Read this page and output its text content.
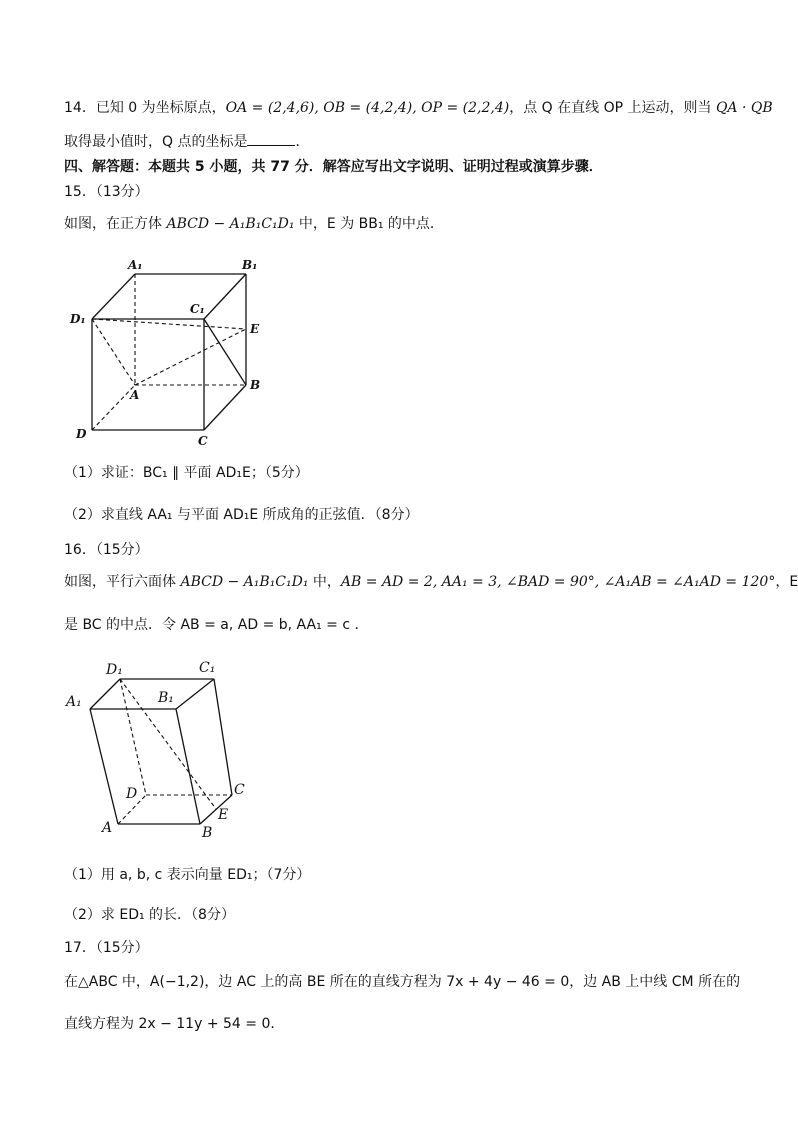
14．已知 0 为坐标原点，OA = (2,4,6), OB = (4,2,4), OP = (2,2,4)，点 Q 在直线 OP 上运动，则当 QA · QB
取得最小值时，Q 点的坐标是	．
四、解答题：本题共 5 小题，共 77 分．解答应写出文字说明、证明过程或演算步骤．
15．（13分）
如图，在正方体 ABCD − A₁B₁C₁D₁ 中，E 为 BB₁ 的中点．
A₁	B₁
C₁
D₁
E
A
B
C
D
（1）求证：BC₁ ∥ 平面 AD₁E；（5分）
（2）求直线 AA₁ 与平面 AD₁E 所成角的正弦值．（8分）
16．（15分）
如图，平行六面体 ABCD − A₁B₁C₁D₁ 中，AB = AD = 2, AA₁ = 3, ∠BAD = 90°, ∠A₁AB = ∠A₁AD = 120°，E
是 BC 的中点．令 AB = a, AD = b, AA₁ = c ．
D₁	C₁
A₁	B₁
D	C
E
A	B
（1）用 a, b, c 表示向量 ED₁；（7分）
（2）求 ED₁ 的长．（8分）
17．（15分）
在△ABC 中，A(−1,2)，边 AC 上的高 BE 所在的直线方程为 7x + 4y − 46 = 0，边 AB 上中线 CM 所在的
直线方程为 2x − 11y + 54 = 0．
